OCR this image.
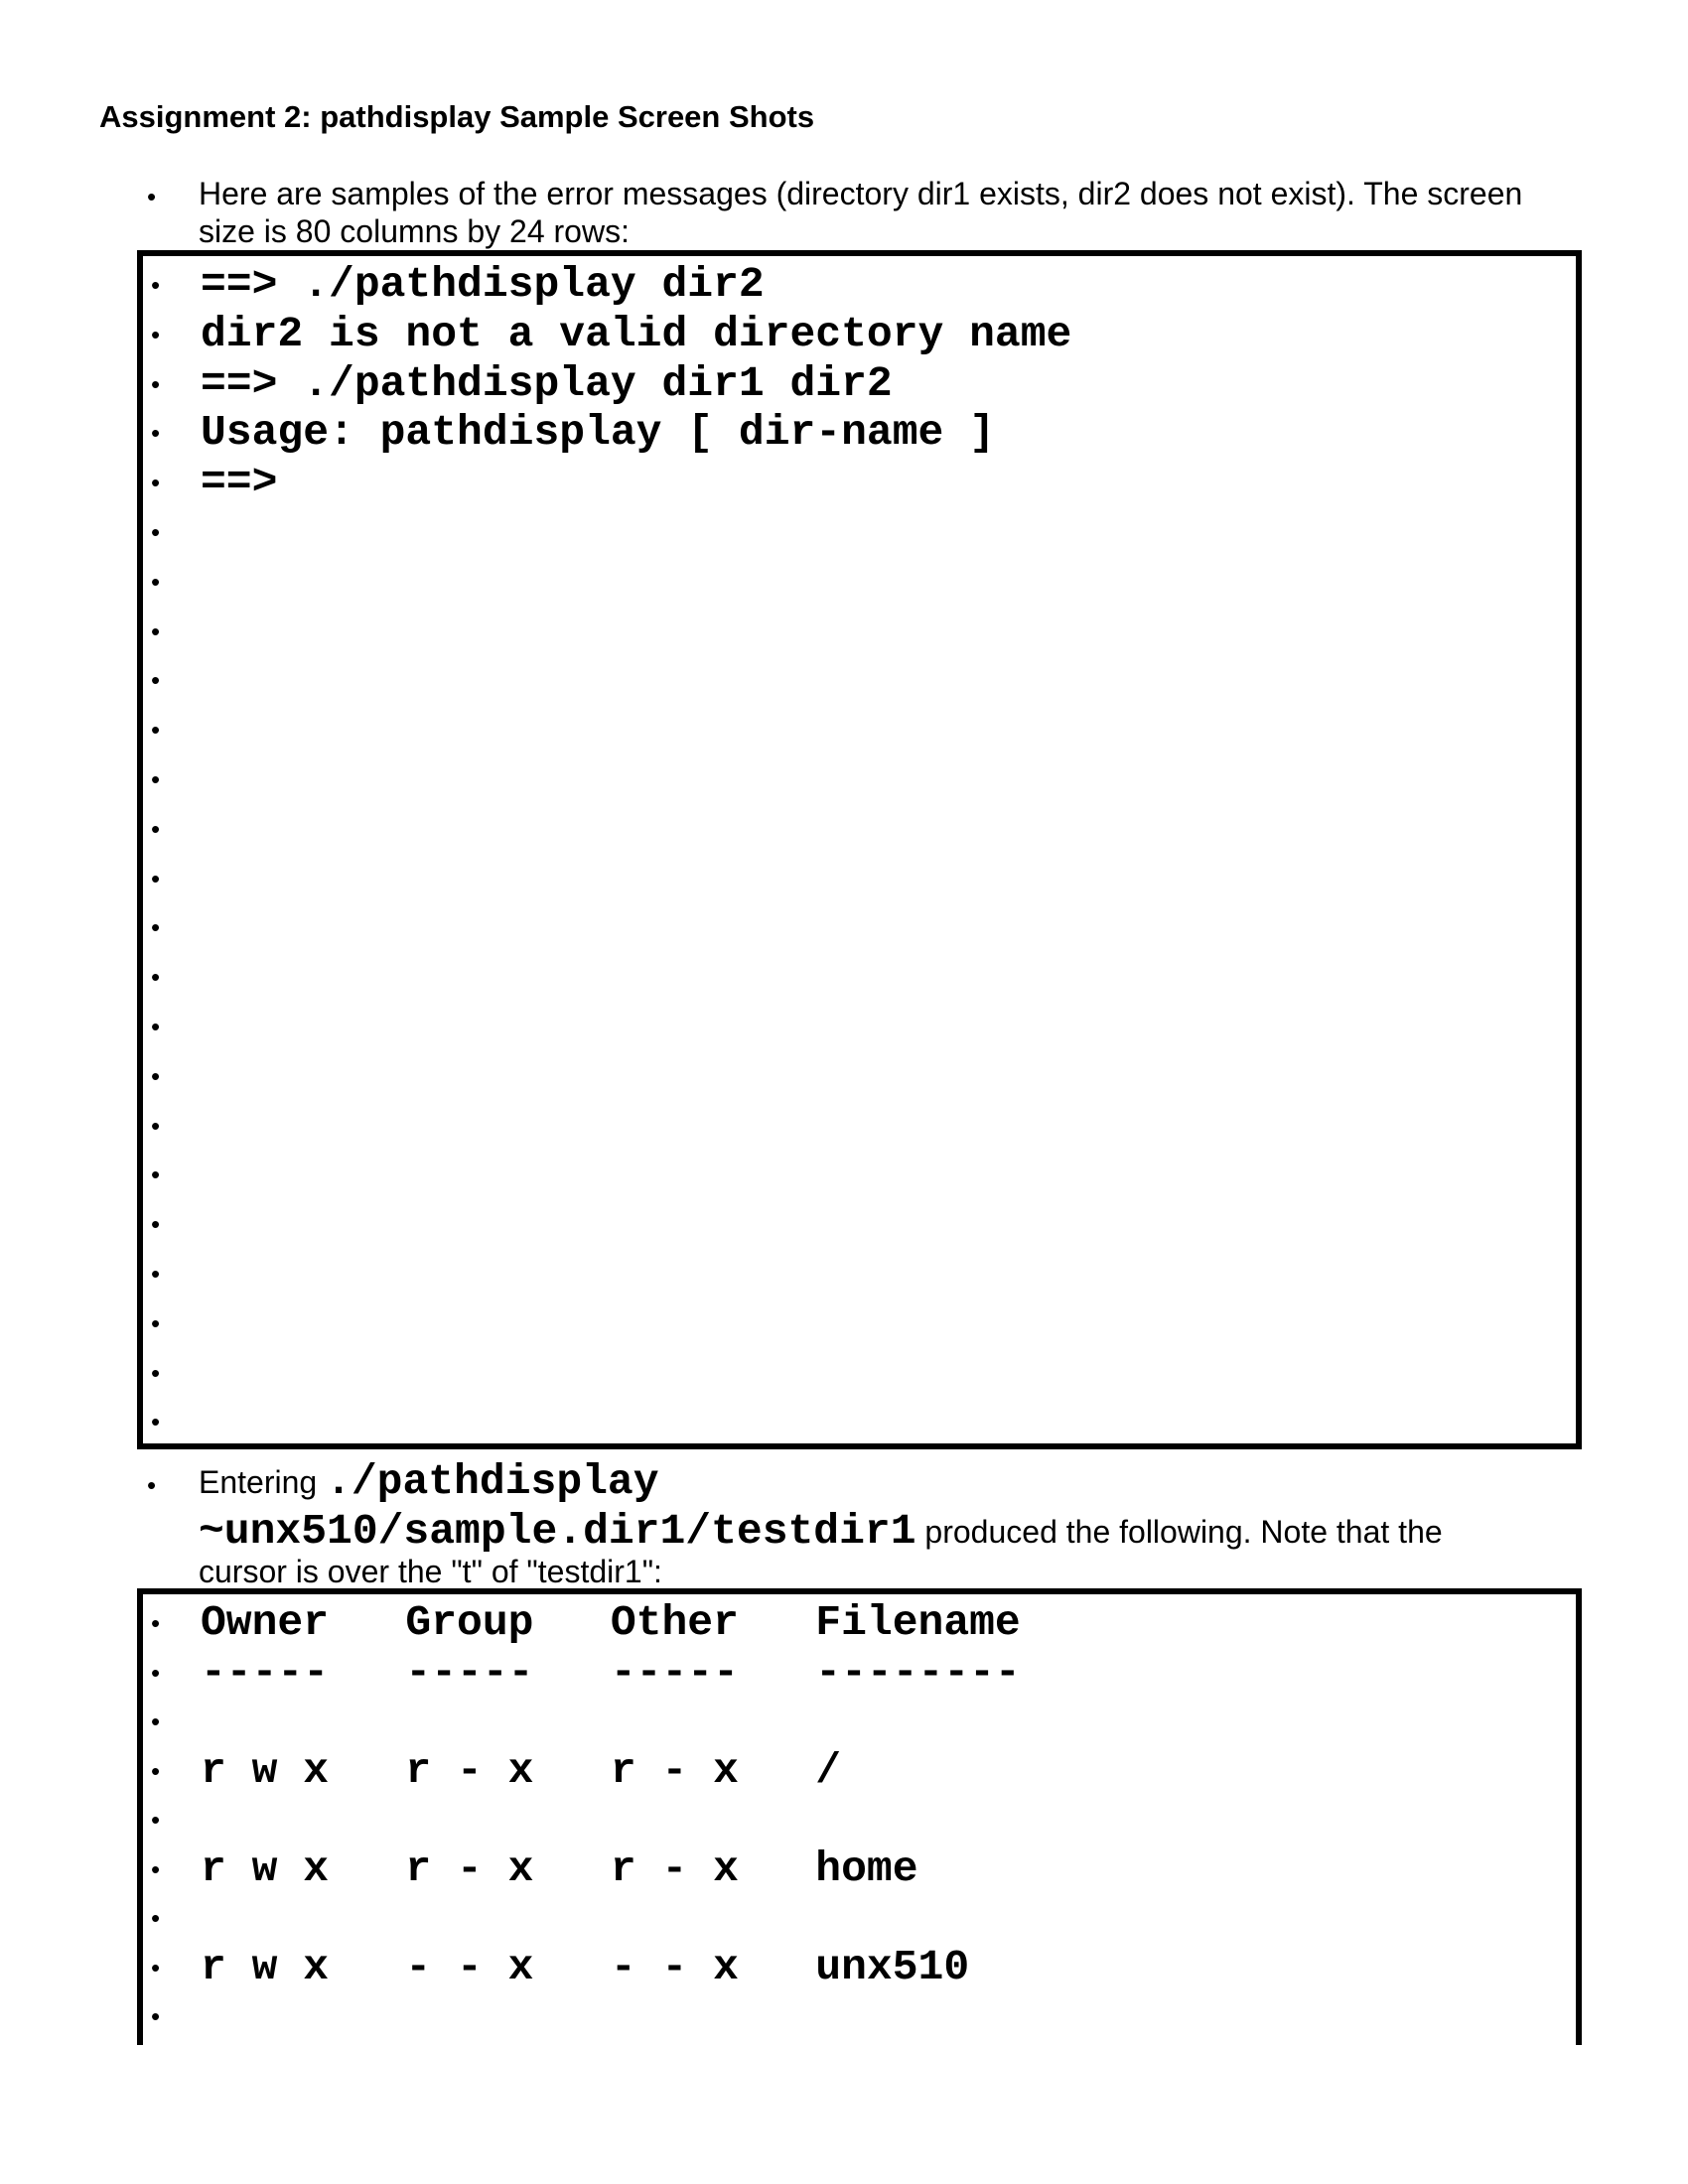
Assignment 2: pathdisplay Sample Screen Shots
• Here are samples of the error messages (directory dir1 exists, dir2 does not exist). The screen
size is 80 columns by 24 rows:
• ==> ./pathdisplay dir2
• dir2 is not a valid directory name
• ==> ./pathdisplay dir1 dir2
• Usage: pathdisplay [ dir-name ]
• ==>
•
•
•
•
•
•
•
•
•
•
•
•
•
•
•
•
•
•
•
• Entering ./pathdisplay
~unx510/sample.dir1/testdir1 produced the following. Note that the
cursor is over the "t" of "testdir1":
• Owner   Group   Other   Filename
• -----   -----   -----   --------
•
• r w x   r - x   r - x   /
•
• r w x   r - x   r - x   home
•
• r w x   - - x   - - x   unx510
•
